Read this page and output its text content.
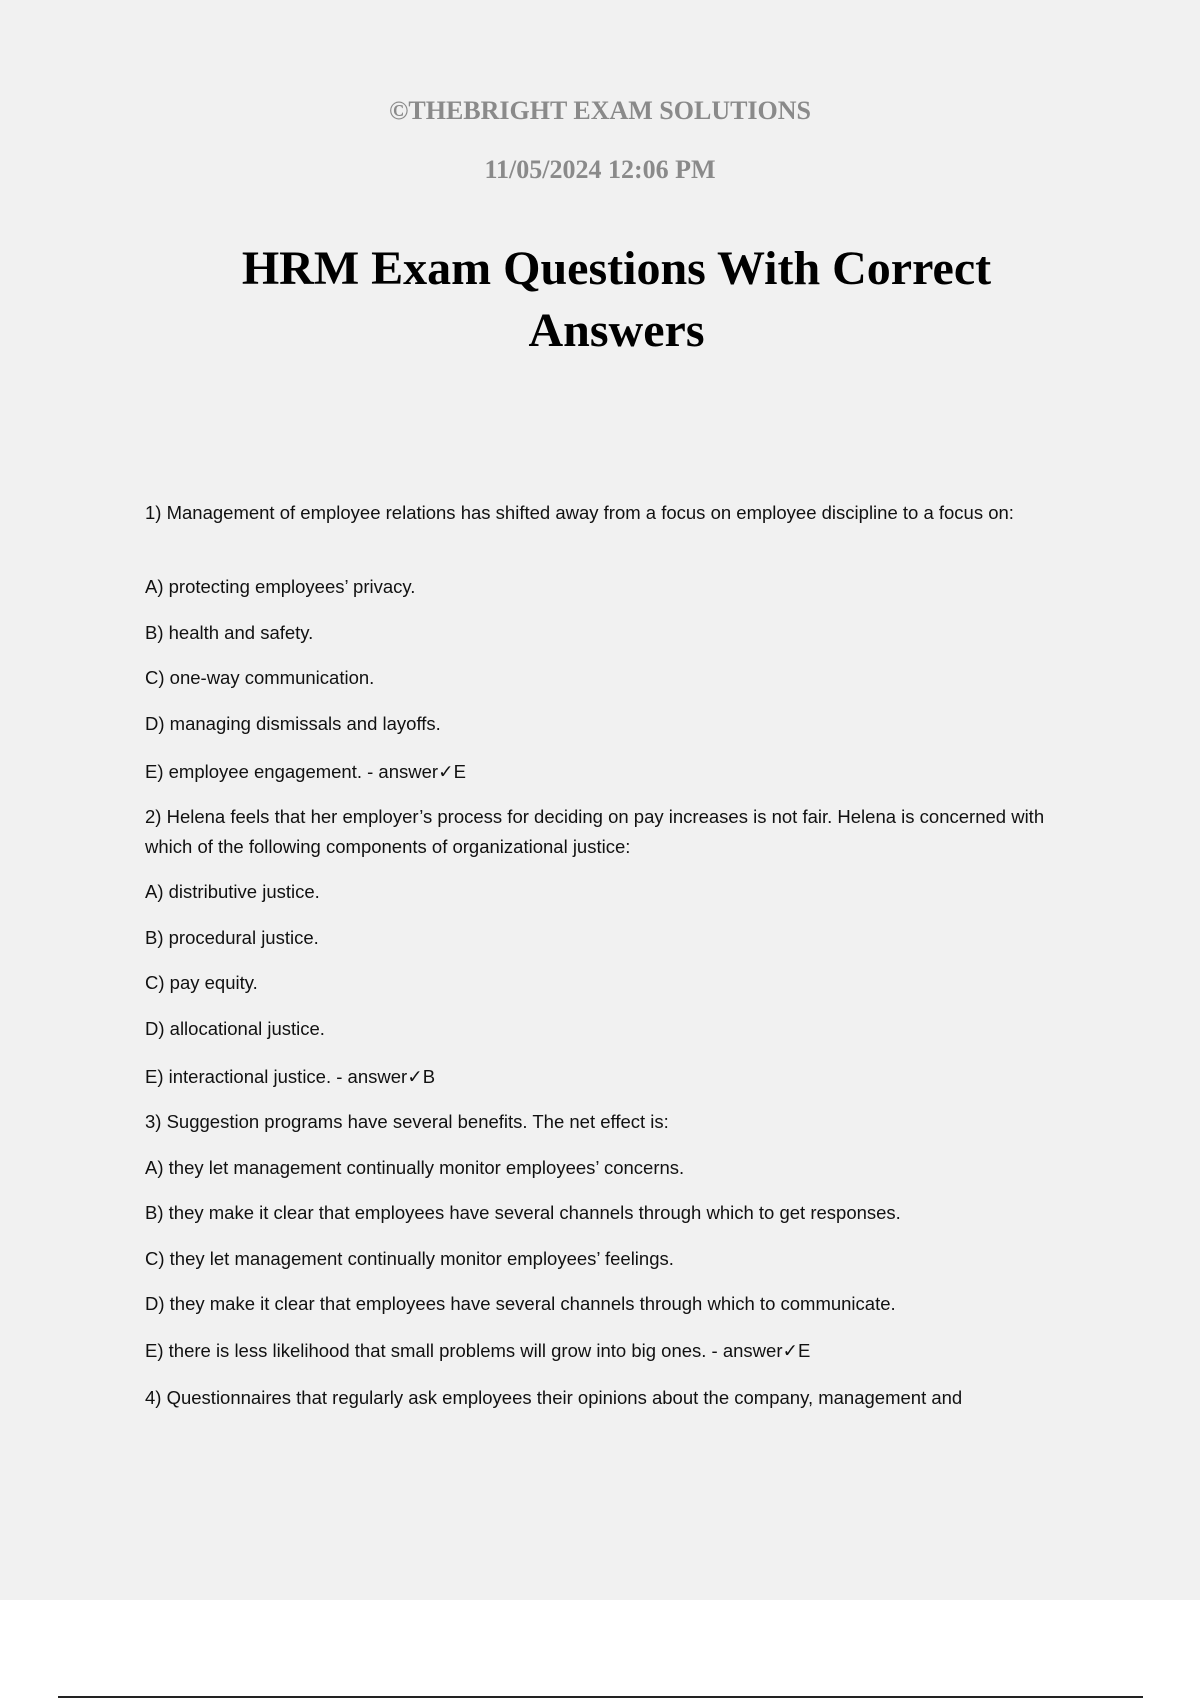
©THEBRIGHT EXAM SOLUTIONS
11/05/2024 12:06 PM
HRM Exam Questions With Correct Answers

1) Management of employee relations has shifted away from a focus on employee discipline to a focus on:

A) protecting employees’ privacy.

B) health and safety.

C) one-way communication.

D) managing dismissals and layoffs.

E) employee engagement. - answer✓E

2) Helena feels that her employer’s process for deciding on pay increases is not fair. Helena is concerned with which of the following components of organizational justice:

A) distributive justice.

B) procedural justice.

C) pay equity.

D) allocational justice.

E) interactional justice. - answer✓B

3) Suggestion programs have several benefits. The net effect is:

A) they let management continually monitor employees’ concerns.

B) they make it clear that employees have several channels through which to get responses.

C) they let management continually monitor employees’ feelings.

D) they make it clear that employees have several channels through which to communicate.

E) there is less likelihood that small problems will grow into big ones. - answer✓E

4) Questionnaires that regularly ask employees their opinions about the company, management and
